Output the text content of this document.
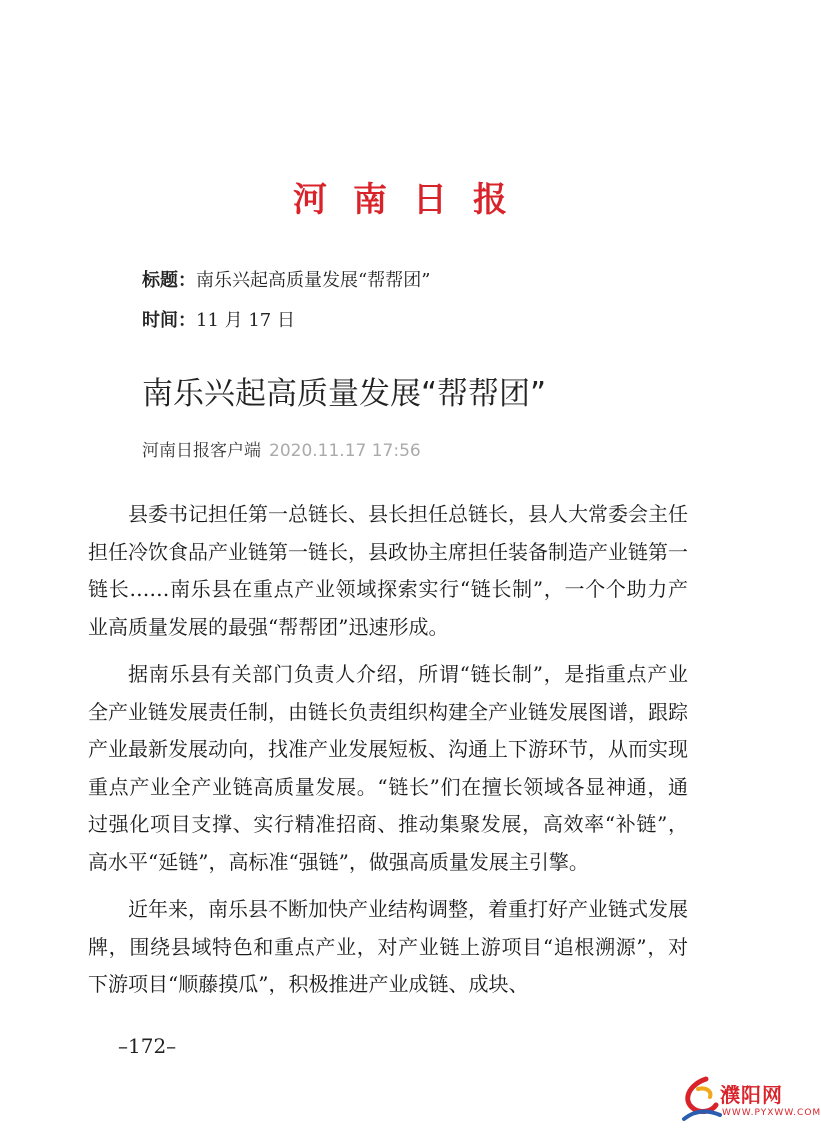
河南日报
标题：南乐兴起高质量发展“帮帮团”
时间：11 月 17 日
南乐兴起高质量发展“帮帮团”
河南日报客户端 2020.11.17 17:56

县委书记担任第一总链长、县长担任总链长，县人大常委会主任担任冷饮食品产业链第一链长，县政协主席担任装备制造产业链第一链长……南乐县在重点产业领域探索实行“链长制”，一个个助力产业高质量发展的最强“帮帮团”迅速形成。

据南乐县有关部门负责人介绍，所谓“链长制”，是指重点产业全产业链发展责任制，由链长负责组织构建全产业链发展图谱，跟踪产业最新发展动向，找准产业发展短板、沟通上下游环节，从而实现重点产业全产业链高质量发展。“链长”们在擅长领域各显神通，通过强化项目支撑、实行精准招商、推动集聚发展，高效率“补链”，高水平“延链”，高标准“强链”，做强高质量发展主引擎。

近年来，南乐县不断加快产业结构调整，着重打好产业链式发展牌，围绕县域特色和重点产业，对产业链上游项目“追根溯源”，对下游项目“顺藤摸瓜”，积极推进产业成链、成块、

–172–
濮阳网
WWW.PYXWW.COM
